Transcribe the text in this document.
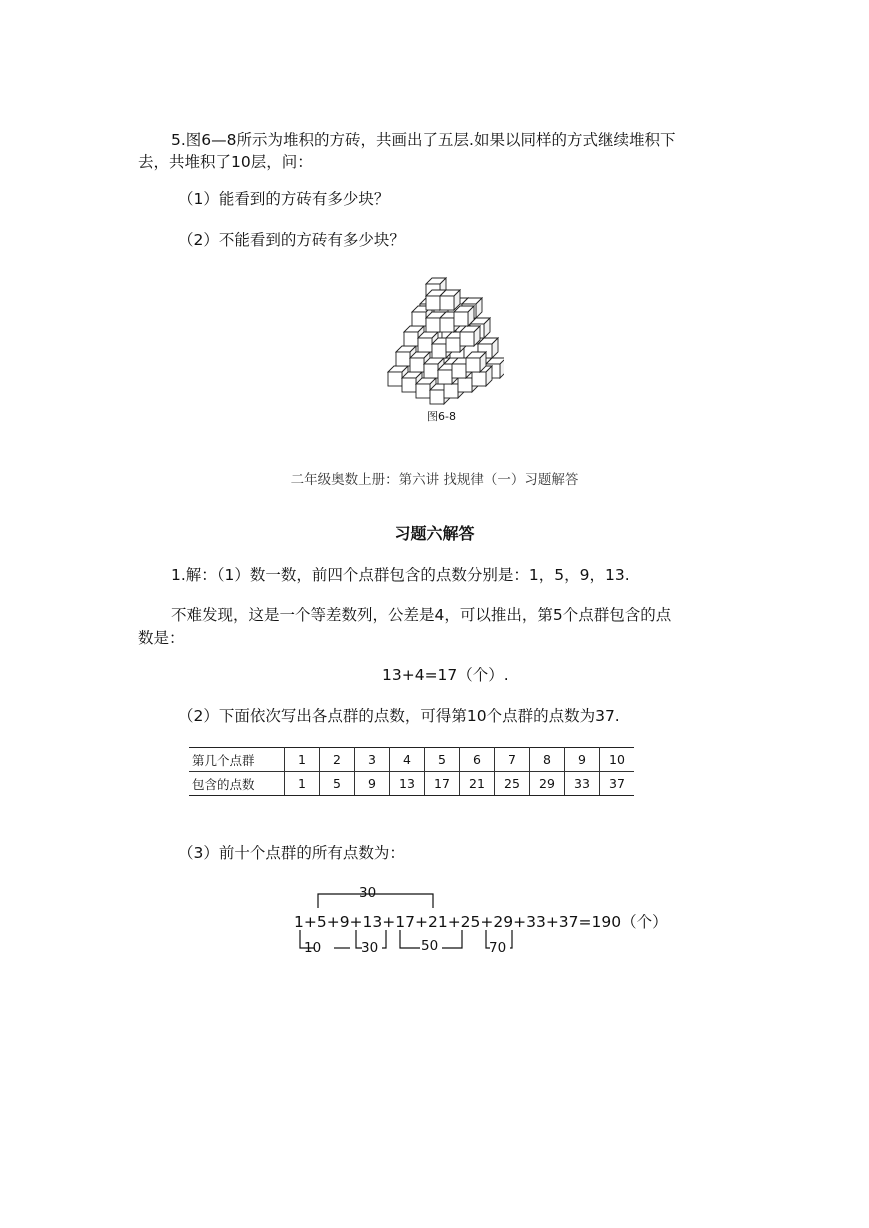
5.图6—8所示为堆积的方砖，共画出了五层.如果以同样的方式继续堆积下
去，共堆积了10层，问：
（1）能看到的方砖有多少块？
（2）不能看到的方砖有多少块？
图6-8
二年级奥数上册：第六讲 找规律（一）习题解答
习题六解答
1.解：（1）数一数，前四个点群包含的点数分别是：1，5，9，13.
不难发现，这是一个等差数列，公差是4，可以推出，第5个点群包含的点
数是：
13+4=17（个）.
（2）下面依次写出各点群的点数，可得第10个点群的点数为37.
第几个点群	1	2	3	4	5	6	7	8	9	10
包含的点数	1	5	9	13	17	21	25	29	33	37
（3）前十个点群的所有点数为：
30
1+5+9+13+17+21+25+29+33+37=190（个）
10	30	50	70
